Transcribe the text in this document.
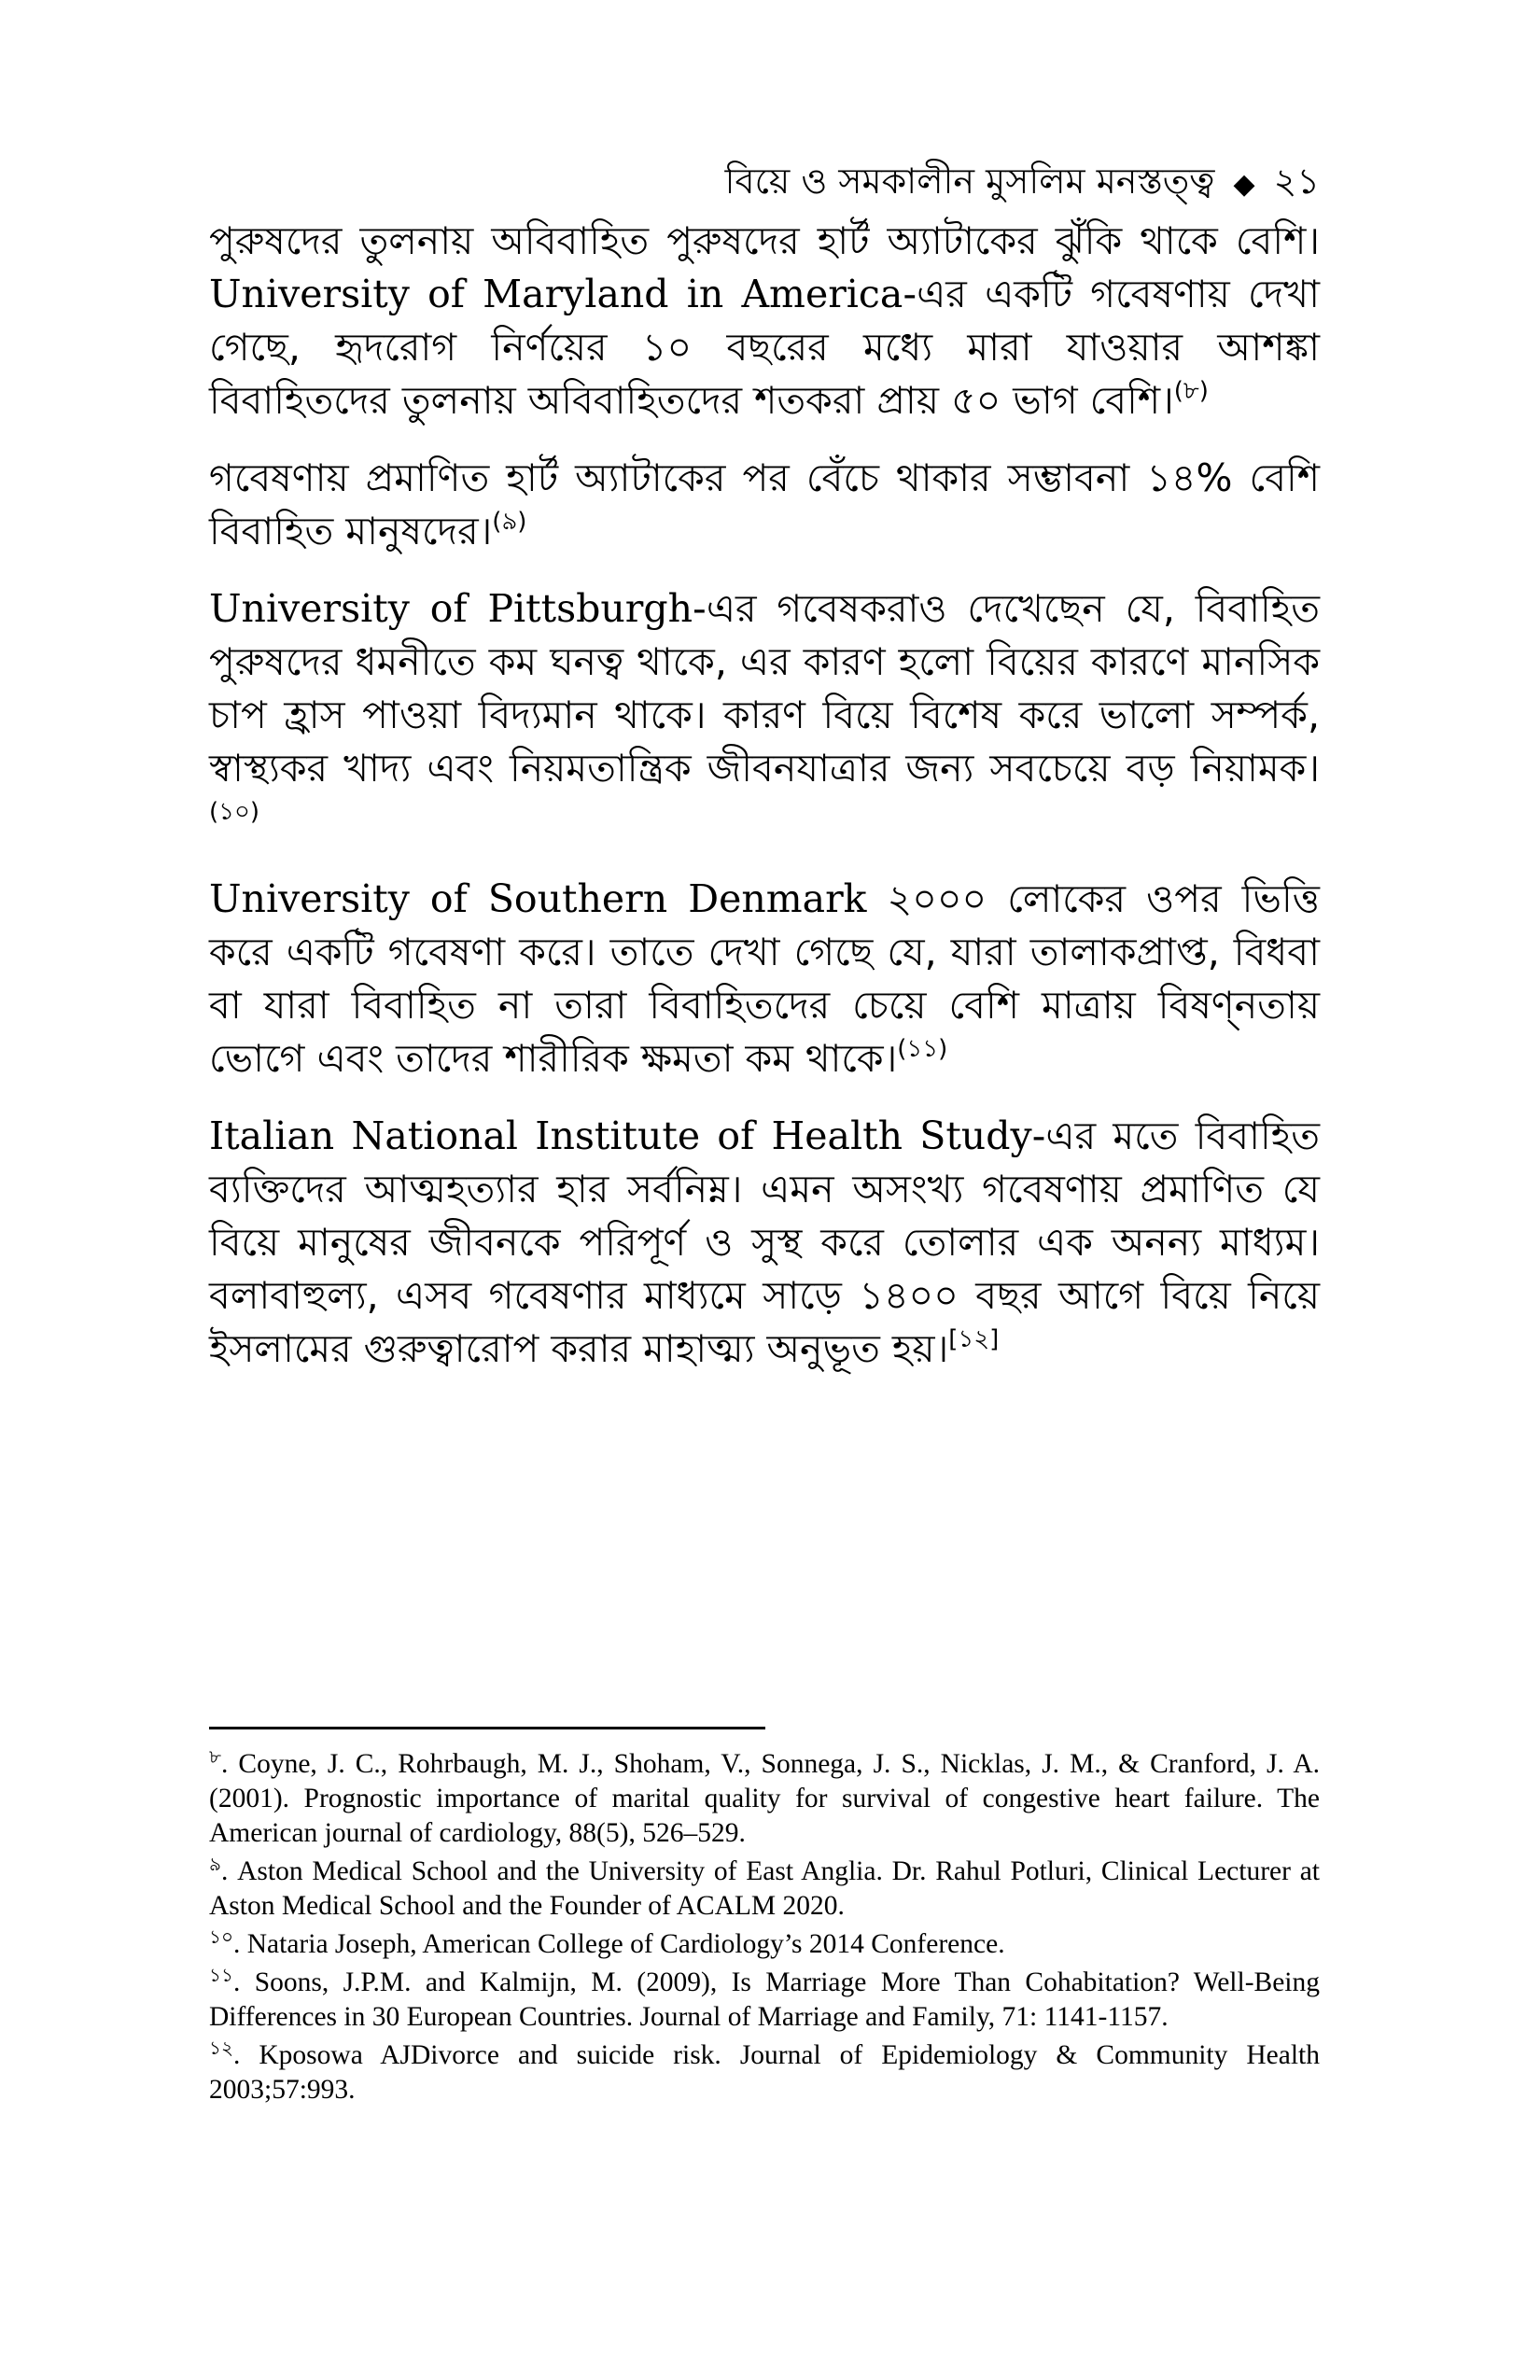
বিয়ে ও সমকালীন মুসলিম মনস্তত্ত্ব ◆ ২১

পুরুষদের তুলনায় অবিবাহিত পুরুষদের হার্ট অ্যাটাকের ঝুঁকি থাকে বেশি। University of Maryland in America-এর একটি গবেষণায় দেখা গেছে, হৃদরোগ নির্ণয়ের ১০ বছরের মধ্যে মারা যাওয়ার আশঙ্কা বিবাহিতদের তুলনায় অবিবাহিতদের শতকরা প্রায় ৫০ ভাগ বেশি।$^{(৮)}$

গবেষণায় প্রমাণিত হার্ট অ্যাটাকের পর বেঁচে থাকার সম্ভাবনা ১৪% বেশি বিবাহিত মানুষদের।$^{(৯)}$

University of Pittsburgh-এর গবেষকরাও দেখেছেন যে, বিবাহিত পুরুষদের ধমনীতে কম ঘনত্ব থাকে, এর কারণ হলো বিয়ের কারণে মানসিক চাপ হ্রাস পাওয়া বিদ্যমান থাকে। কারণ বিয়ে বিশেষ করে ভালো সম্পর্ক, স্বাস্থ্যকর খাদ্য এবং নিয়মতান্ত্রিক জীবনযাত্রার জন্য সবচেয়ে বড় নিয়ামক।$^{(১০)}$

University of Southern Denmark ২০০০ লোকের ওপর ভিত্তি করে একটি গবেষণা করে। তাতে দেখা গেছে যে, যারা তালাকপ্রাপ্ত, বিধবা বা যারা বিবাহিত না তারা বিবাহিতদের চেয়ে বেশি মাত্রায় বিষণ্নতায় ভোগে এবং তাদের শারীরিক ক্ষমতা কম থাকে।$^{(১১)}$

Italian National Institute of Health Study-এর মতে বিবাহিত ব্যক্তিদের আত্মহত্যার হার সর্বনিম্ন। এমন অসংখ্য গবেষণায় প্রমাণিত যে বিয়ে মানুষের জীবনকে পরিপূর্ণ ও সুস্থ করে তোলার এক অনন্য মাধ্যম। বলাবাহুল্য, এসব গবেষণার মাধ্যমে সাড়ে ১৪০০ বছর আগে বিয়ে নিয়ে ইসলামের গুরুত্বারোপ করার মাহাত্ম্য অনুভূত হয়।[১২]

$^৮$. Coyne, J. C., Rohrbaugh, M. J., Shoham, V., Sonnega, J. S., Nicklas, J. M., & Cranford, J. A. (2001). Prognostic importance of marital quality for survival of congestive heart failure. The American journal of cardiology, 88(5), 526–529.

$^৯$. Aston Medical School and the University of East Anglia. Dr. Rahul Potluri, Clinical Lecturer at Aston Medical School and the Founder of ACALM 2020.

$^{১০}$. Nataria Joseph, American College of Cardiology’s 2014 Conference.

$^{১১}$. Soons, J.P.M. and Kalmijn, M. (2009), Is Marriage More Than Cohabitation? Well-Being Differences in 30 European Countries. Journal of Marriage and Family, 71: 1141-1157.

$^{১২}$. Kposowa AJDivorce and suicide risk. Journal of Epidemiology & Community Health 2003;57:993.
